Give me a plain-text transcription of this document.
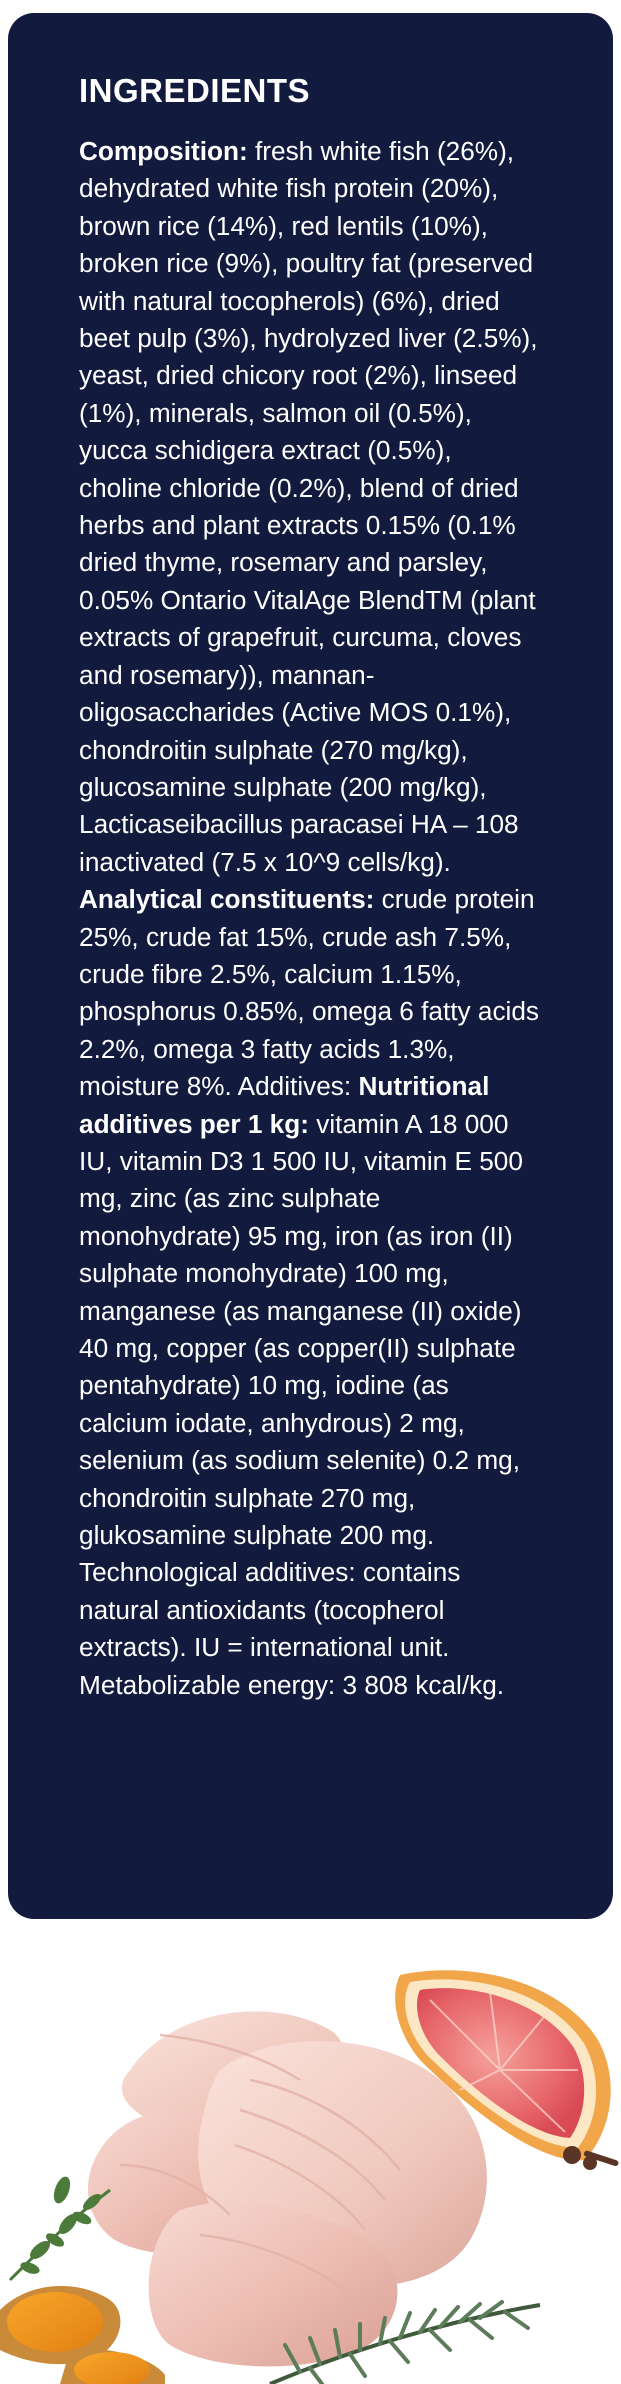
INGREDIENTS

Composition: fresh white fish (26%), dehydrated white fish protein (20%), brown rice (14%), red lentils (10%), broken rice (9%), poultry fat (preserved with natural tocopherols) (6%), dried beet pulp (3%), hydrolyzed liver (2.5%), yeast, dried chicory root (2%), linseed (1%), minerals, salmon oil (0.5%), yucca schidigera extract (0.5%), choline chloride (0.2%), blend of dried herbs and plant extracts 0.15% (0.1% dried thyme, rosemary and parsley, 0.05% Ontario VitalAge BlendTM (plant extracts of grapefruit, curcuma, cloves and rosemary)), mannan-oligosaccharides (Active MOS 0.1%), chondroitin sulphate (270 mg/kg), glucosamine sulphate (200 mg/kg), Lacticaseibacillus paracasei HA – 108 inactivated (7.5 x 10^9 cells/kg). Analytical constituents: crude protein 25%, crude fat 15%, crude ash 7.5%, crude fibre 2.5%, calcium 1.15%, phosphorus 0.85%, omega 6 fatty acids 2.2%, omega 3 fatty acids 1.3%, moisture 8%. Additives: Nutritional additives per 1 kg: vitamin A 18 000 IU, vitamin D3 1 500 IU, vitamin E 500 mg, zinc (as zinc sulphate monohydrate) 95 mg, iron (as iron (II) sulphate monohydrate) 100 mg, manganese (as manganese (II) oxide) 40 mg, copper (as copper(II) sulphate pentahydrate) 10 mg, iodine (as calcium iodate, anhydrous) 2 mg, selenium (as sodium selenite) 0.2 mg, chondroitin sulphate 270 mg, glukosamine sulphate 200 mg. Technological additives: contains natural antioxidants (tocopherol extracts). IU = international unit. Metabolizable energy: 3 808 kcal/kg.
